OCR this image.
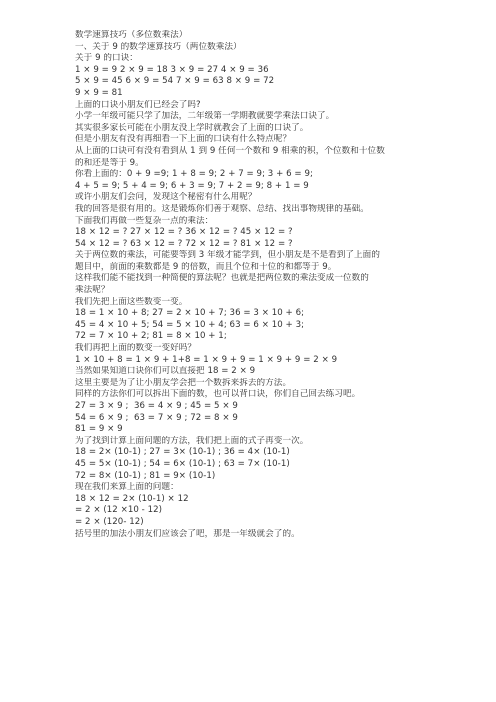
数学速算技巧（多位数乘法）
一、关于 9 的数学速算技巧（两位数乘法）
关于 9 的口诀：
1 × 9 = 9 2 × 9 = 18 3 × 9 = 27 4 × 9 = 36
5 × 9 = 45 6 × 9 = 54 7 × 9 = 63 8 × 9 = 72
9 × 9 = 81
上面的口诀小朋友们已经会了吗?
小学一年级可能只学了加法，二年级第一学期教就要学乘法口诀了。
其实很多家长可能在小朋友没上学时就教会了上面的口诀了。
但是小朋友有没有再细看一下上面的口诀有什么特点呢？
从上面的口诀可有没有看到从 1 到 9 任何一个数和 9 相乘的积，个位数和十位数
的和还是等于 9。
你看上面的：0 + 9 =9; 1 + 8 = 9; 2 + 7 = 9; 3 + 6 = 9;
4 + 5 = 9; 5 + 4 = 9; 6 + 3 = 9; 7 + 2 = 9; 8 + 1 = 9
或许小朋友们会问，发现这个秘密有什么用呢？
我的回答是很有用的。这是锻炼你们善于观察、总结、找出事物规律的基础。
下面我们再做一些复杂一点的乘法：
18 × 12 = ? 27 × 12 = ? 36 × 12 = ? 45 × 12 = ?
54 × 12 = ? 63 × 12 = ? 72 × 12 = ? 81 × 12 = ?
关于两位数的乘法，可能要等到 3 年级才能学到，但小朋友是不是看到了上面的
题目中，前面的乘数都是 9 的倍数，而且个位和十位的和都等于 9。
这样我们能不能找到一种简便的算法呢？也就是把两位数的乘法变成一位数的
乘法呢？
我们先把上面这些数变一变。
18 = 1 × 10 + 8; 27 = 2 × 10 + 7; 36 = 3 × 10 + 6;
45 = 4 × 10 + 5; 54 = 5 × 10 + 4; 63 = 6 × 10 + 3;
72 = 7 × 10 + 2; 81 = 8 × 10 + 1;
我们再把上面的数变一变好吗？
1 × 10 + 8 = 1 × 9 + 1+8 = 1 × 9 + 9 = 1 × 9 + 9 = 2 × 9
当然如果知道口诀你们可以直接把 18 = 2 × 9
这里主要是为了让小朋友学会把一个数拆来拆去的方法。
同样的方法你们可以拆出下面的数，也可以背口诀，你们自己回去练习吧。
27 = 3 × 9 ;  36 = 4 × 9 ; 45 = 5 × 9
54 = 6 × 9 ;  63 = 7 × 9 ; 72 = 8 × 9
81 = 9 × 9
为了找到计算上面问题的方法，我们把上面的式子再变一次。
18 = 2× (10-1) ; 27 = 3× (10-1) ; 36 = 4× (10-1)
45 = 5× (10-1) ; 54 = 6× (10-1) ; 63 = 7× (10-1)
72 = 8× (10-1) ; 81 = 9× (10-1)
现在我们来算上面的问题：
18 × 12 = 2× (10-1) × 12
= 2 × (12 ×10 - 12)
= 2 × (120- 12)
括号里的加法小朋友们应该会了吧，那是一年级就会了的。
